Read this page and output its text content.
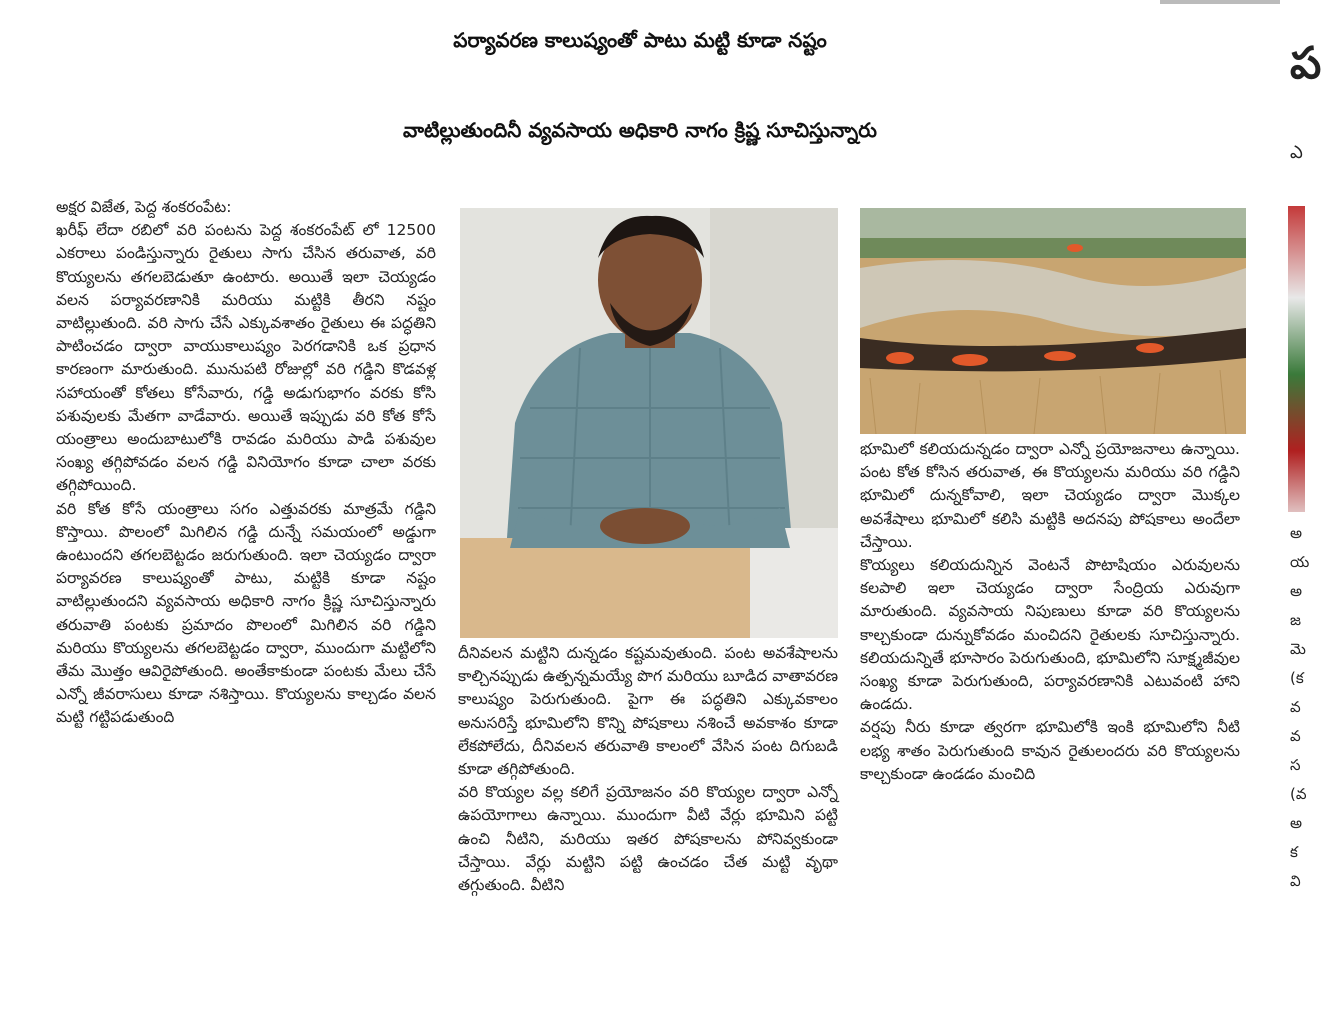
పర్యావరణ కాలుష్యంతో పాటు మట్టి కూడా నష్టం
వాటిల్లుతుందినీ వ్యవసాయ అధికారి నాగం క్రిష్ణ సూచిస్తున్నారు

అక్షర విజేత, పెద్ద శంకరంపేట:

ఖరీఫ్ లేదా రబిలో వరి పంటను పెద్ద శంకరంపేట్ లో 12500 ఎకరాలు పండిస్తున్నారు రైతులు సాగు చేసిన తరువాత, వరి కొయ్యలను తగలబెడుతూ ఉంటారు. అయితే ఇలా చెయ్యడం వలన పర్యావరణానికి మరియు మట్టికి తీరని నష్టం వాటిల్లుతుంది. వరి సాగు చేసే ఎక్కువశాతం రైతులు ఈ పద్ధతిని పాటించడం ద్వారా వాయుకాలుష్యం పెరగడానికి ఒక ప్రధాన కారణంగా మారుతుంది. మునుపటి రోజుల్లో వరి గడ్డిని కొడవళ్ల సహాయంతో కోతలు కోసేవారు, గడ్డి అడుగుభాగం వరకు కోసి పశువులకు మేతగా వాడేవారు. అయితే ఇప్పుడు వరి కోత కోసే యంత్రాలు అందుబాటులోకి రావడం మరియు పాడి పశువుల సంఖ్య తగ్గిపోవడం వలన గడ్డి వినియోగం కూడా చాలా వరకు తగ్గిపోయింది.

వరి కోత కోసే యంత్రాలు సగం ఎత్తువరకు మాత్రమే గడ్డిని కొస్తాయి. పొలంలో మిగిలిన గడ్డి దున్నే సమయంలో అడ్డుగా ఉంటుందని తగలబెట్టడం జరుగుతుంది. ఇలా చెయ్యడం ద్వారా పర్యావరణ కాలుష్యంతో పాటు, మట్టికి కూడా నష్టం వాటిల్లుతుందని వ్యవసాయ అధికారి నాగం క్రిష్ణ సూచిస్తున్నారు తరువాతి పంటకు ప్రమాదం పొలంలో మిగిలిన వరి గడ్డిని మరియు కొయ్యలను తగలబెట్టడం ద్వారా, ముందుగా మట్టిలోని తేమ మొత్తం ఆవిరైపోతుంది. అంతేకాకుండా పంటకు మేలు చేసే ఎన్నో జీవరాసులు కూడా నశిస్తాయి. కొయ్యలను కాల్చడం వలన మట్టి గట్టిపడుతుంది

దీనివలన మట్టిని దున్నడం కష్టమవుతుంది. పంట అవశేషాలను కాల్చినప్పుడు ఉత్పన్నమయ్యే పొగ మరియు బూడిద వాతావరణ కాలుష్యం పెరుగుతుంది. పైగా ఈ పద్ధతిని ఎక్కువకాలం అనుసరిస్తే భూమిలోని కొన్ని పోషకాలు నశించే అవకాశం కూడా లేకపోలేదు, దీనివలన తరువాతి కాలంలో వేసిన పంట దిగుబడి కూడా తగ్గిపోతుంది.

వరి కొయ్యల వల్ల కలిగే ప్రయోజనం వరి కొయ్యల ద్వారా ఎన్నో ఉపయోగాలు ఉన్నాయి. ముందుగా వీటి వేర్లు భూమిని పట్టి ఉంచి నీటిని, మరియు ఇతర పోషకాలను పోనివ్వకుండా చేస్తాయి. వేర్లు మట్టిని పట్టి ఉంచడం చేత మట్టి వృథా తగ్గుతుంది. వీటిని

భూమిలో కలియదున్నడం ద్వారా ఎన్నో ప్రయోజనాలు ఉన్నాయి. పంట కోత కోసిన తరువాత, ఈ కొయ్యలను మరియు వరి గడ్డిని భూమిలో దున్నకోవాలి, ఇలా చెయ్యడం ద్వారా మొక్కల అవశేషాలు భూమిలో కలిసి మట్టికి అదనపు పోషకాలు అందేలా చేస్తాయి.

కొయ్యలు కలియదున్నిన వెంటనే పొటాషియం ఎరువులను కలపాలి ఇలా చెయ్యడం ద్వారా సేంద్రియ ఎరువుగా మారుతుంది. వ్యవసాయ నిపుణులు కూడా వరి కొయ్యలను కాల్చకుండా దున్నుకోవడం మంచిదని రైతులకు సూచిస్తున్నారు. కలియదున్నితే భూసారం పెరుగుతుంది, భూమిలోని సూక్ష్మజీవుల సంఖ్య కూడా పెరుగుతుంది, పర్యావరణానికి ఎటువంటి హాని ఉండదు.

వర్షపు నీరు కూడా త్వరగా భూమిలోకి ఇంకి భూమిలోని నీటి లభ్య శాతం పెరుగుతుంది కావున రైతులందరు వరి కొయ్యలను కాల్చకుండా ఉండడం మంచిది

ప
ఎ
అ
య
అ
జ
మె
(క
వ
వ
స
(వ
అ
క
వి
